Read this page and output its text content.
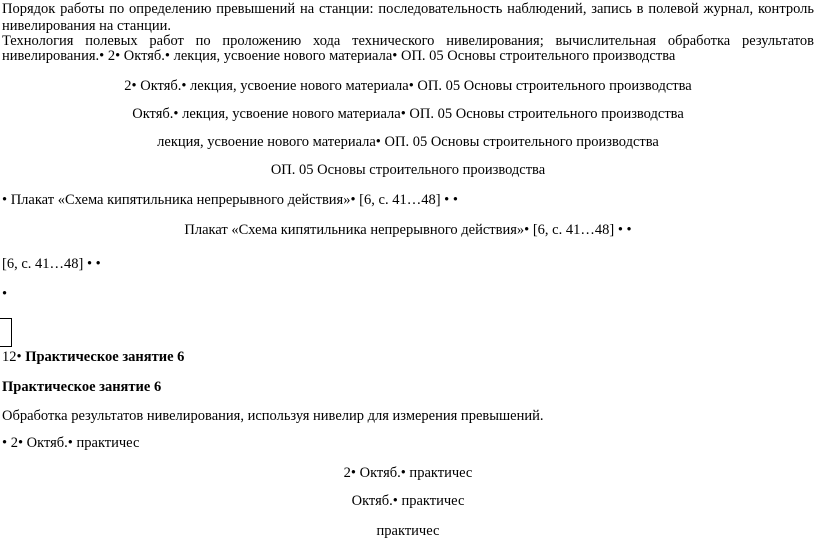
Порядок работы по определению превышений на станции: последовательность наблюдений, запись в полевой журнал, контроль
нивелирования на станции.
Технология полевых работ по проложению хода технического нивелирования; вычислительная обработка результатов
нивелирования.• 2• Октяб.• лекция, усвоение нового материала• ОП. 05 Основы строительного производства
2• Октяб.• лекция, усвоение нового материала• ОП. 05 Основы строительного производства
Октяб.• лекция, усвоение нового материала• ОП. 05 Основы строительного производства
лекция, усвоение нового материала• ОП. 05 Основы строительного производства
ОП. 05 Основы строительного производства
• Плакат «Схема кипятильника непрерывного действия»• [6, с. 41…48] • •
Плакат «Схема кипятильника непрерывного действия»• [6, с. 41…48] • •
[6, с. 41…48] • •
•
12• Практическое занятие 6
Практическое занятие 6
Обработка результатов нивелирования, используя нивелир для измерения превышений.
• 2• Октяб.• практичес
2• Октяб.• практичес
Октяб.• практичес
практичес
